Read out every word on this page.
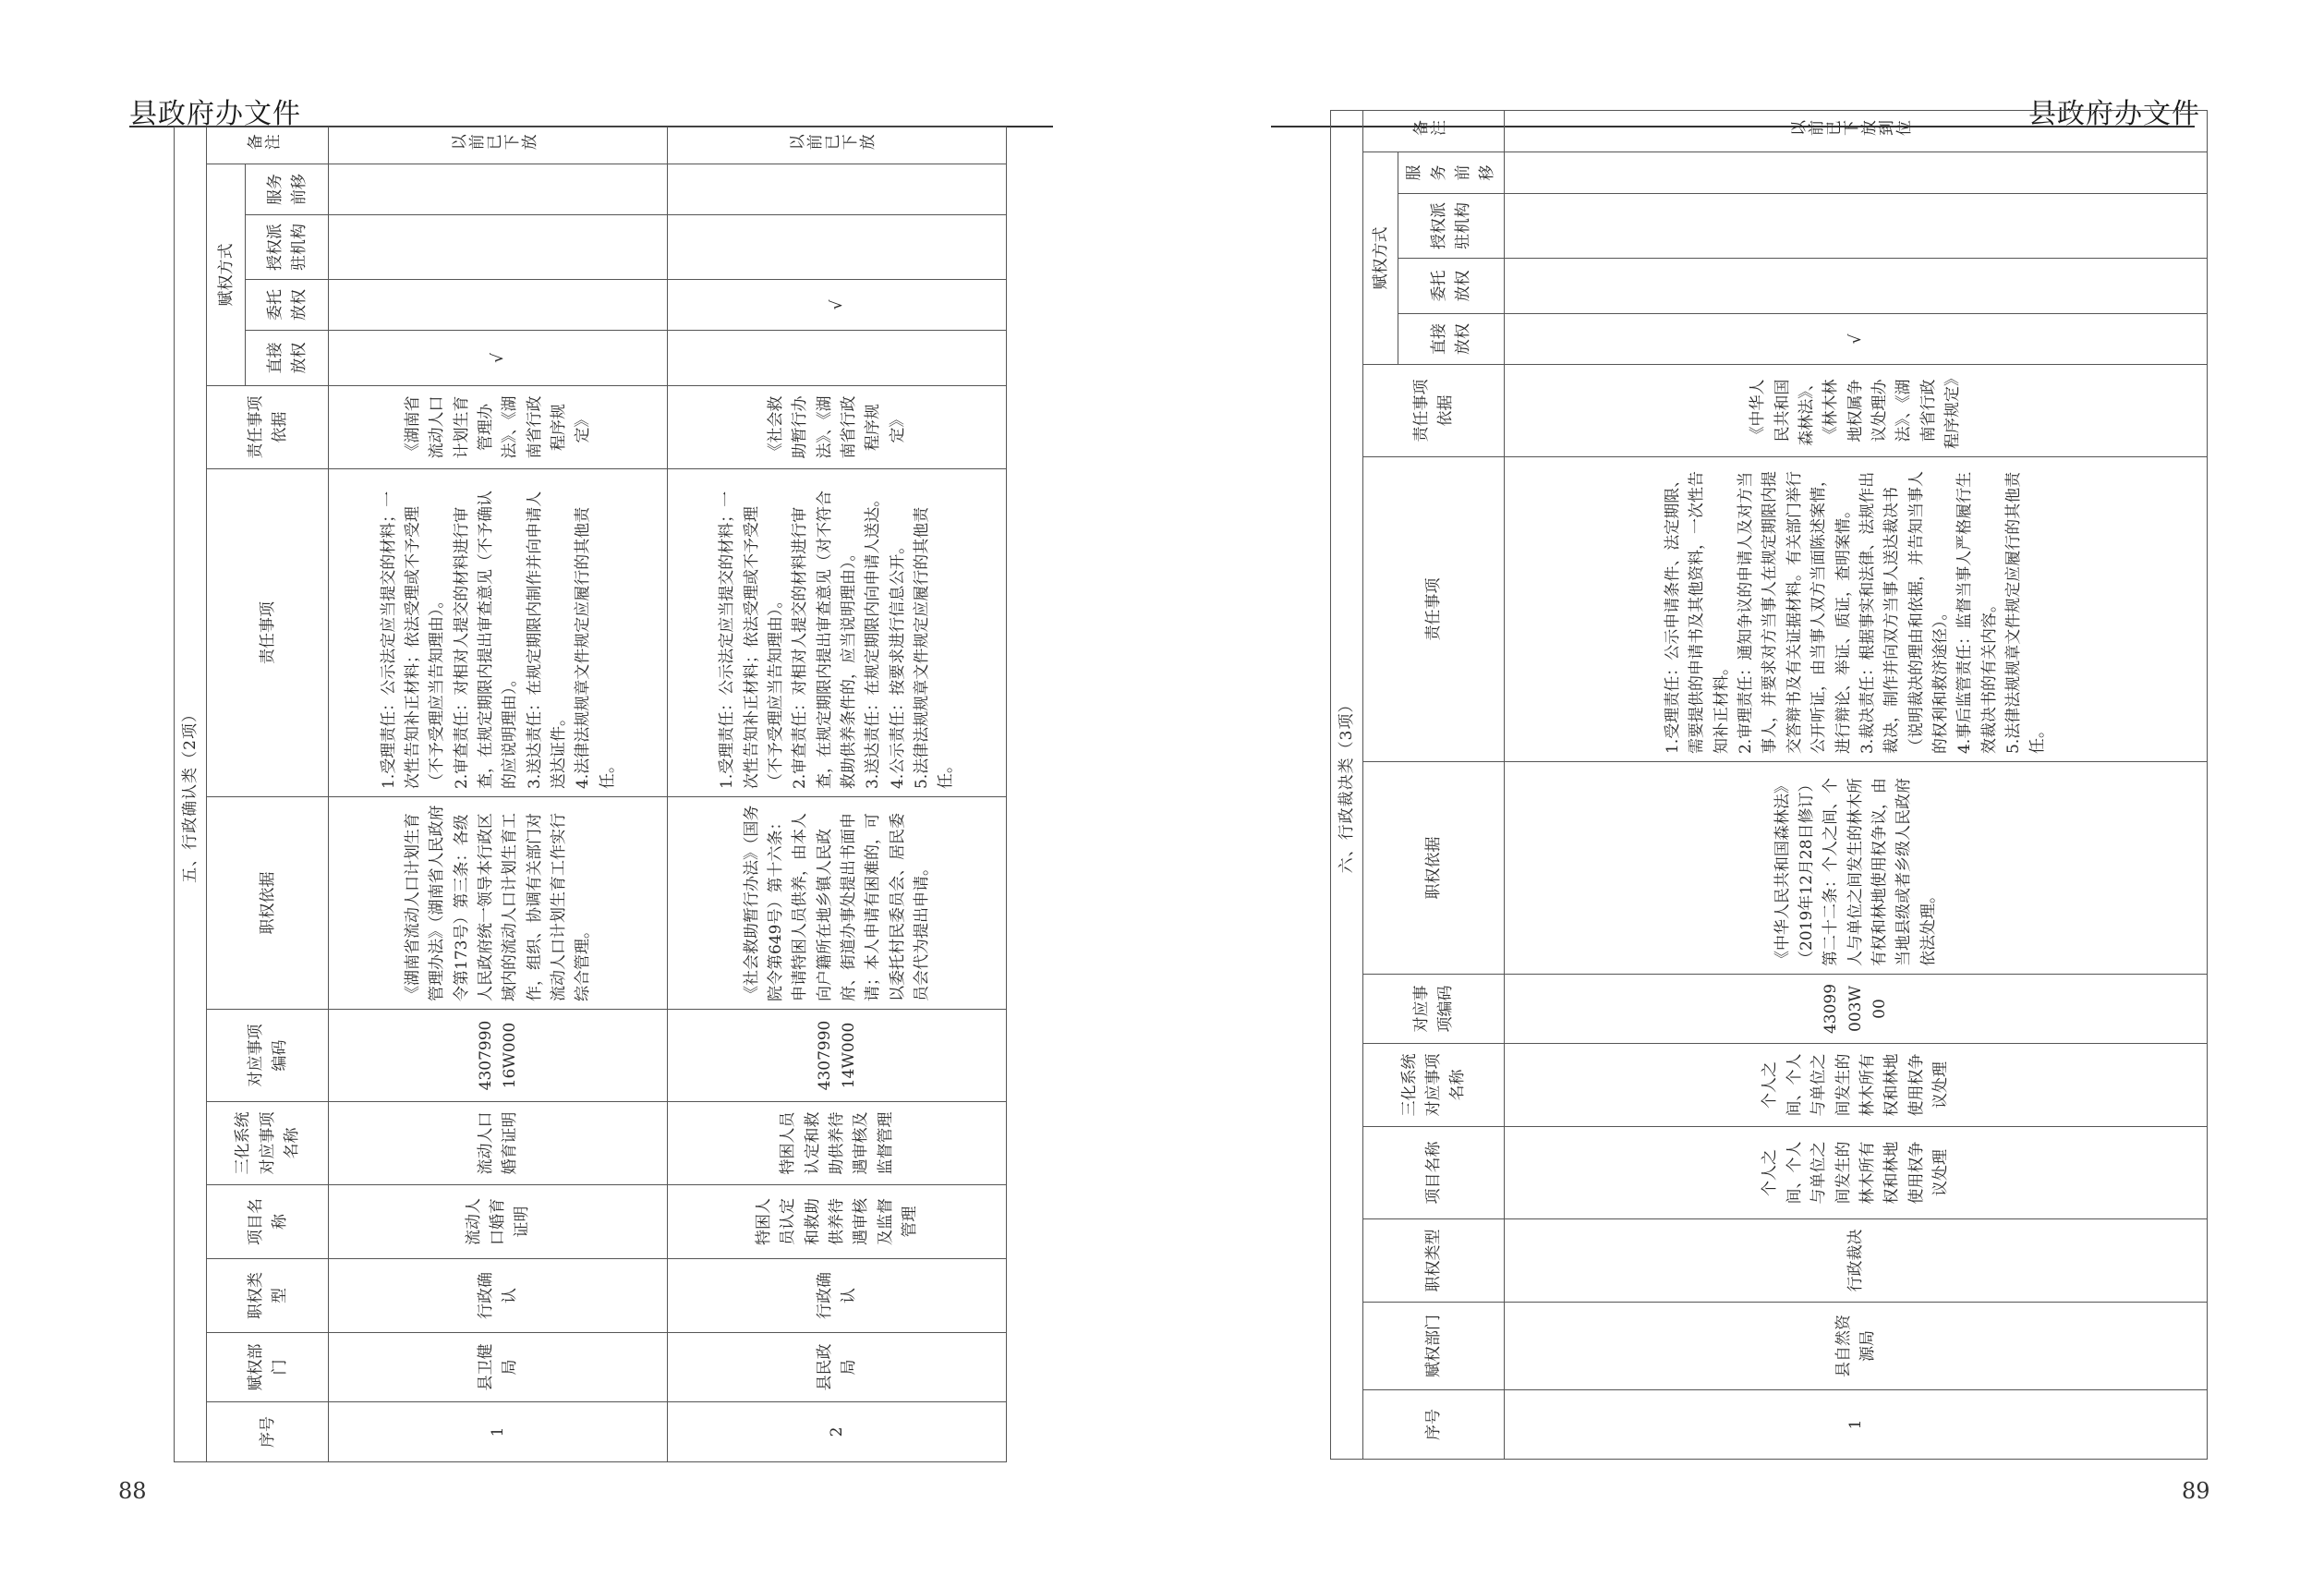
县政府办文件
五、行政确认类（2项）													
序号	赋权部门	职权类型	项目名称	三化系统对应事项名称	对应事项编码	职权依据	责任事项	责任事项依据	赋权方式				备注
									直接放权	委托放权	授权派驻机构	服务前移	
1	县卫健局	行政确认	流动人口婚育证明	流动人口婚育证明	430799016W000	《湖南省流动人口计划生育管理办法》（湖南省人民政府令第173号）第三条：各级人民政府统一领导本行政区域内的流动人口计划生育工作，组织、协调有关部门对流动人口计划生育工作实行综合管理。	1.受理责任：公示法定应当提交的材料；一次性告知补正材料；依法受理或不予受理（不予受理应当告知理由）。
2.审查责任：对相对人提交的材料进行审查，在规定期限内提出审查意见（不予确认的应说明理由）。
3.送达责任：在规定期限内制作并向申请人送达证件。
4.法律法规规章文件规定应履行的其他责任。	《湖南省流动人口计划生育管理办法》、《湖南省行政程序规定》	√				以前已下放
2	县民政局	行政确认	特困人员认定和救助供养待遇审核及监督管理	特困人员认定和救助供养待遇审核及监督管理	430799014W000	《社会救助暂行办法》（国务院令第649号）第十六条：申请特困人员供养，由本人向户籍所在地乡镇人民政府、街道办事处提出书面申请；本人申请有困难的，可以委托村民委员会、居民委员会代为提出申请。	1.受理责任：公示法定应当提交的材料；一次性告知补正材料；依法受理或不予受理（不予受理应当告知理由）。
2.审查责任：对相对人提交的材料进行审查，在规定期限内提出审查意见（对不符合救助供养条件的，应当说明理由）。
3.送达责任：在规定期限内向申请人送达。
4.公示责任：按要求进行信息公开。
5.法律法规规章文件规定应履行的其他责任。	《社会救助暂行办法》、《湖南省行政程序规定》		√			以前已下放
88
县政府办文件
六、行政裁决类（3项）													
序号	赋权部门	职权类型	项目名称	三化系统对应事项名称	对应事项编码	职权依据	责任事项	责任事项依据	赋权方式				备注
									直接放权	委托放权	授权派驻机构	服务前移	
1	县自然资源局	行政裁决	个人之间、个人与单位之间发生的林木所有权和林地使用权争议处理	个人之间、个人与单位之间发生的林木所有权和林地使用权争议处理	43099003W00	《中华人民共和国森林法》（2019年12月28日修订）第二十二条：个人之间、个人与单位之间发生的林木所有权和林地使用权争议，由当地县级或者乡级人民政府依法处理。	1.受理责任：公示申请条件、法定期限、需要提供的申请书及其他资料，一次性告知补正材料。
2.审理责任：通知争议的申请人及对方当事人，并要求对方当事人在规定期限内提交答辩书及有关证据材料。有关部门举行公开听证，由当事人双方当面陈述案情，进行辩论、举证、质证，查明案情。
3.裁决责任：根据事实和法律、法规作出裁决，制作并向双方当事人送达裁决书（说明裁决的理由和依据，并告知当事人的权利和救济途径）。
4.事后监管责任：监督当事人严格履行生效裁决书的有关内容。
5.法律法规规章文件规定应履行的其他责任。	《中华人民共和国森林法》、《林木林地权属争议处理办法》、《湖南省行政程序规定》	√				以前已下放到位
89
